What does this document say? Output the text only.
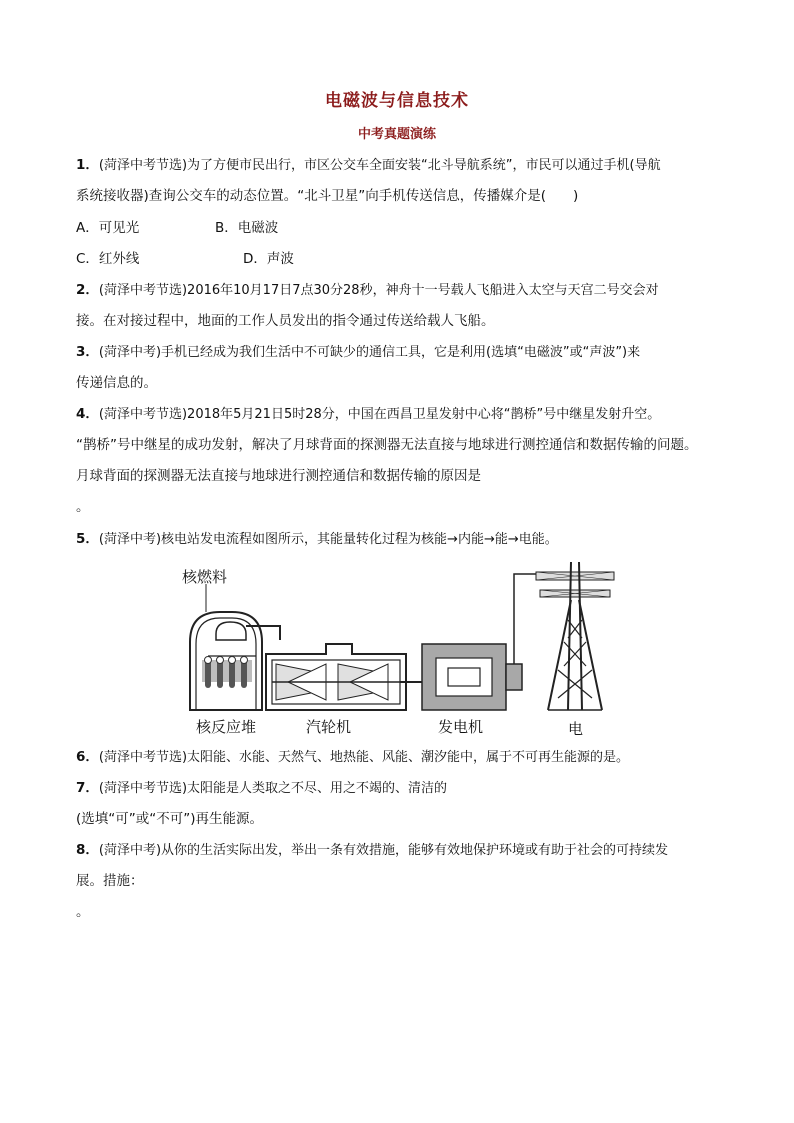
电磁波与信息技术
中考真题演练
1．(菏泽中考节选)为了方便市民出行，市区公交车全面安装“北斗导航系统”，市民可以通过手机(导航
系统接收器)查询公交车的动态位置。“北斗卫星”向手机传送信息，传播媒介是(　　)
A．可见光	B．电磁波
C．红外线	D．声波
2．(菏泽中考节选)2016年10月17日7点30分28秒，神舟十一号载人飞船进入太空与天宫二号交会对
接。在对接过程中，地面的工作人员发出的指令通过传送给载人飞船。
3．(菏泽中考)手机已经成为我们生活中不可缺少的通信工具，它是利用(选填“电磁波”或“声波”)来
传递信息的。
4．(菏泽中考节选)2018年5月21日5时28分，中国在西昌卫星发射中心将“鹊桥”号中继星发射升空。
“鹊桥”号中继星的成功发射，解决了月球背面的探测器无法直接与地球进行测控通信和数据传输的问题。
月球背面的探测器无法直接与地球进行测控通信和数据传输的原因是
。
5．(菏泽中考)核电站发电流程如图所示，其能量转化过程为核能→内能→能→电能。
核燃料
核反应堆	汽轮机	发电机	电
6．(菏泽中考节选)太阳能、水能、天然气、地热能、风能、潮汐能中，属于不可再生能源的是。
7．(菏泽中考节选)太阳能是人类取之不尽、用之不竭的、清洁的
(选填“可”或“不可”)再生能源。
8．(菏泽中考)从你的生活实际出发，举出一条有效措施，能够有效地保护环境或有助于社会的可持续发
展。措施：
。
